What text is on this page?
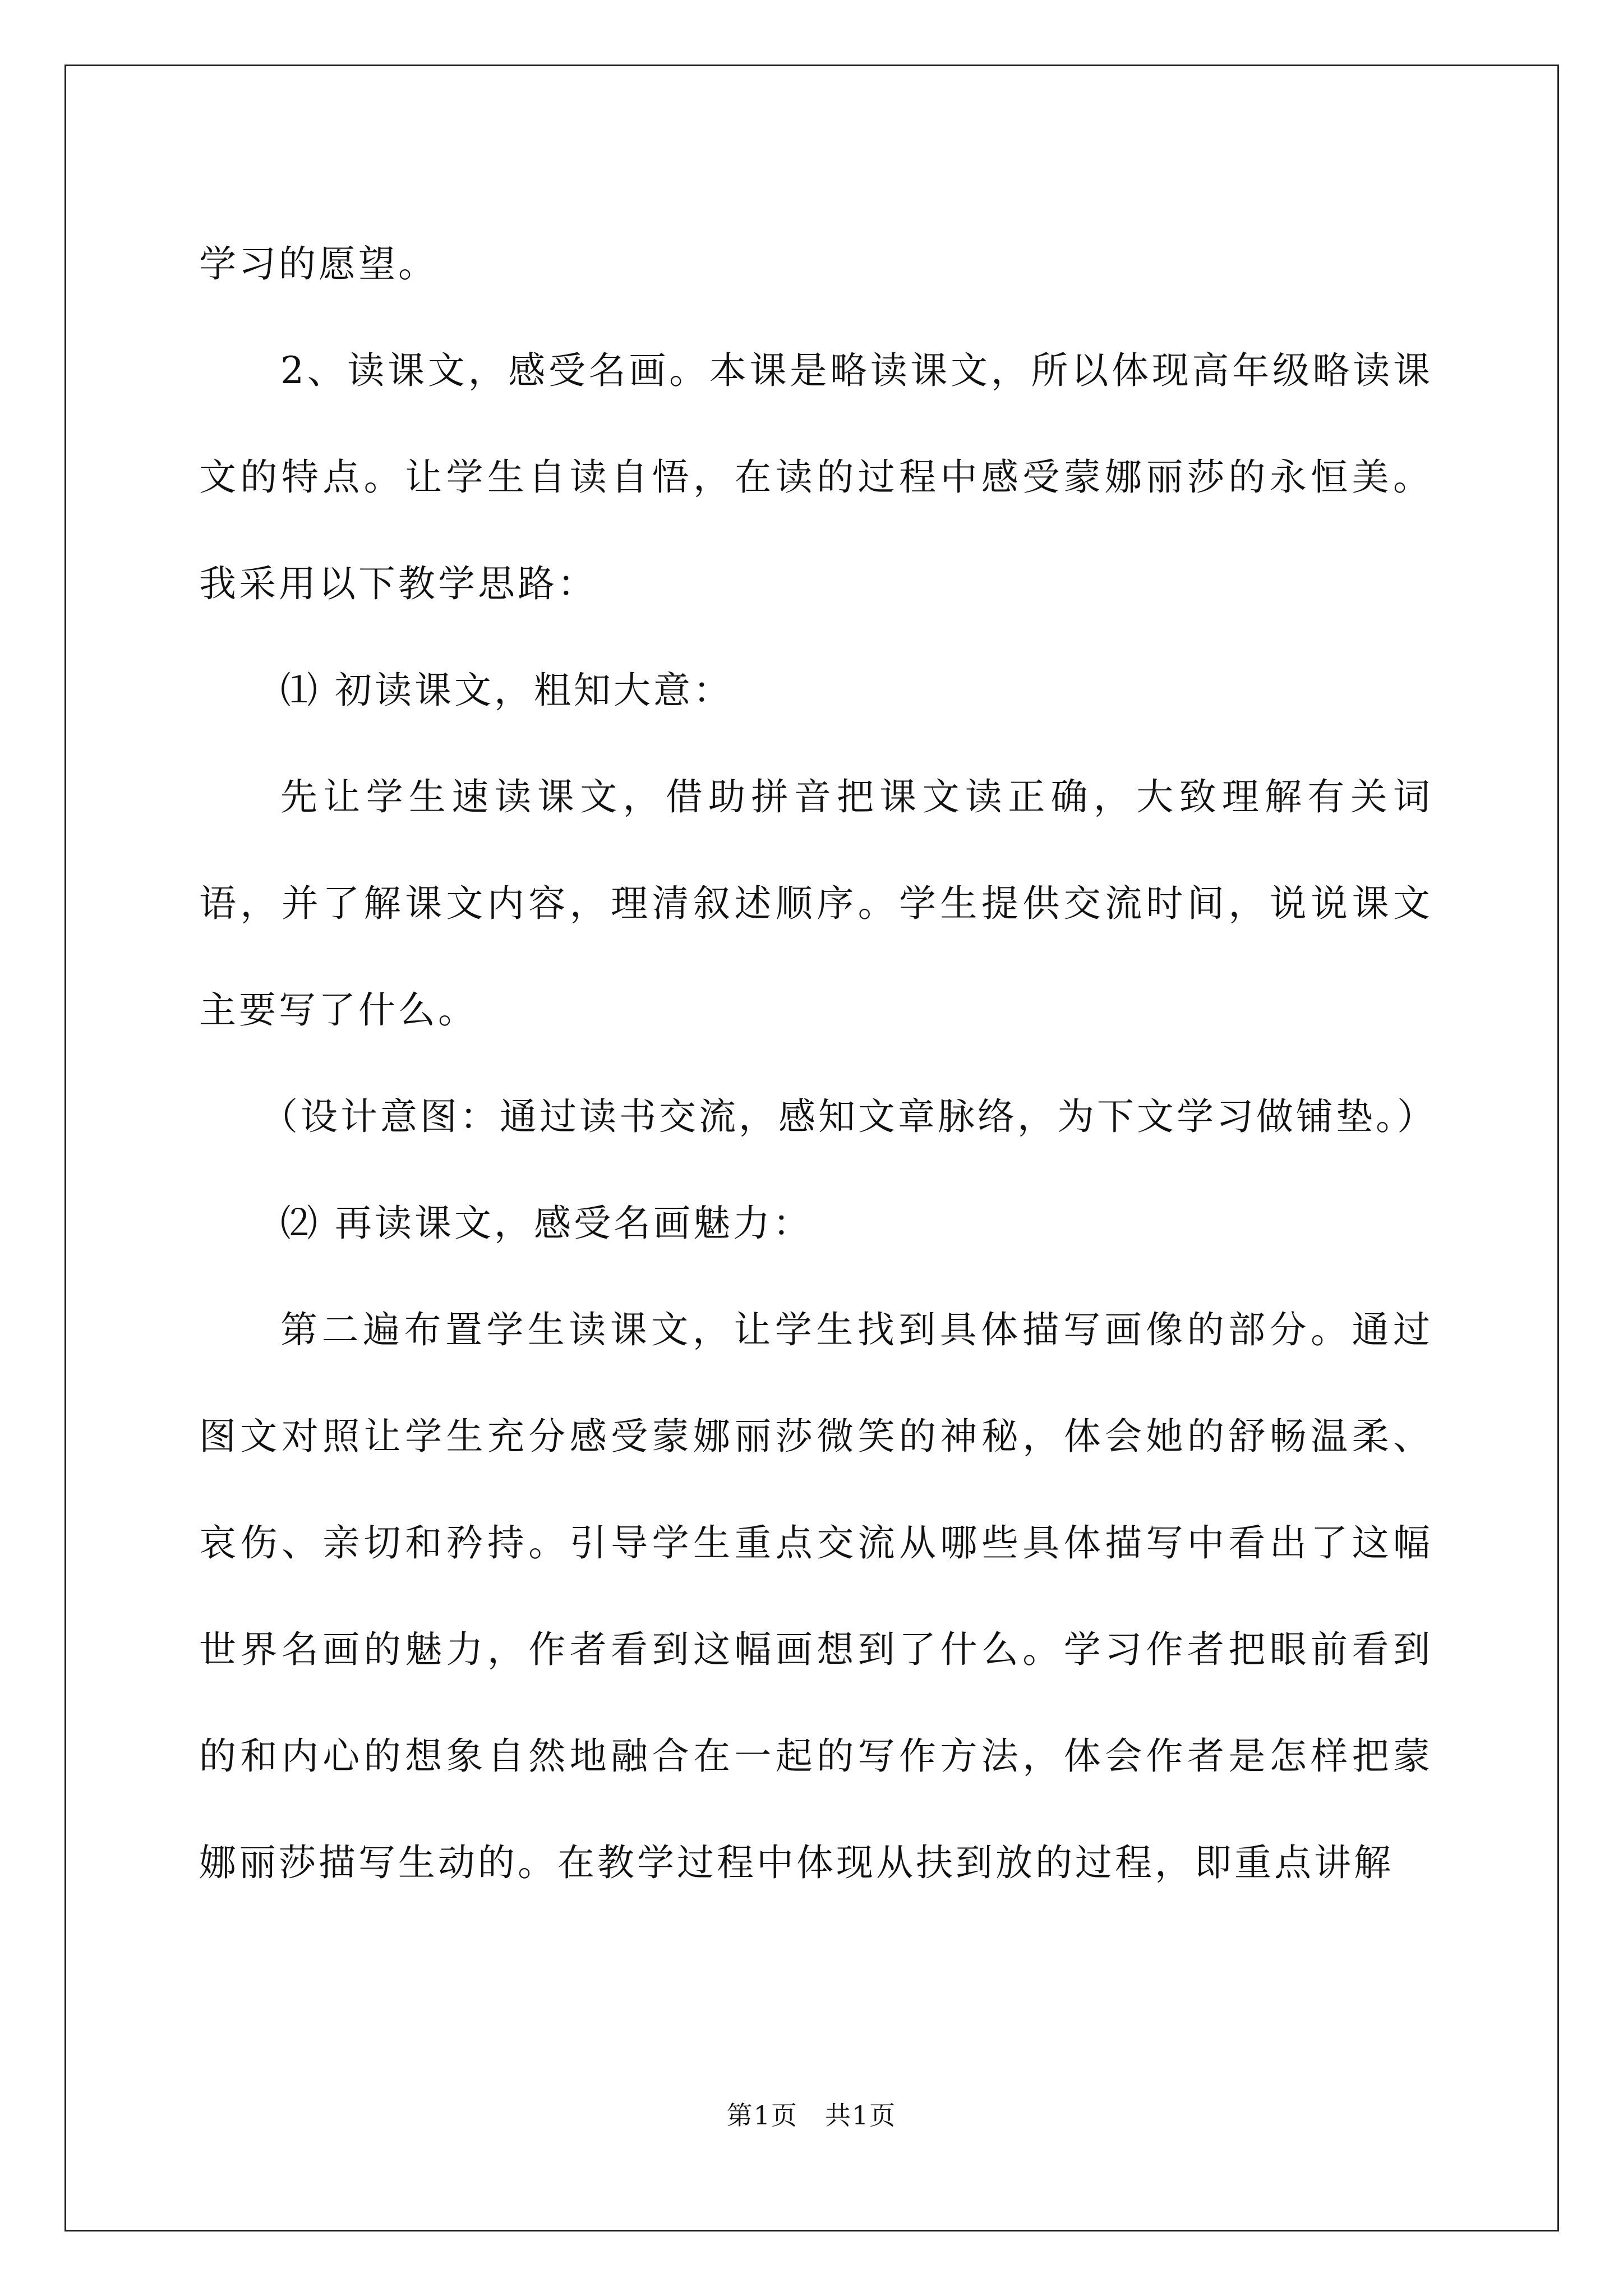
学习的愿望。

2、读课文，感受名画。本课是略读课文，所以体现高年级略读课文的特点。让学生自读自悟，在读的过程中感受蒙娜丽莎的永恒美。我采用以下教学思路：

⑴ 初读课文，粗知大意：

先让学生速读课文，借助拼音把课文读正确，大致理解有关词语，并了解课文内容，理清叙述顺序。学生提供交流时间，说说课文主要写了什么。

（设计意图：通过读书交流，感知文章脉络，为下文学习做铺垫。）

⑵ 再读课文，感受名画魅力：

第二遍布置学生读课文，让学生找到具体描写画像的部分。通过图文对照让学生充分感受蒙娜丽莎微笑的神秘，体会她的舒畅温柔、哀伤、亲切和矜持。引导学生重点交流从哪些具体描写中看出了这幅世界名画的魅力，作者看到这幅画想到了什么。学习作者把眼前看到的和内心的想象自然地融合在一起的写作方法，体会作者是怎样把蒙娜丽莎描写生动的。在教学过程中体现从扶到放的过程，即重点讲解

第1页　共1页
